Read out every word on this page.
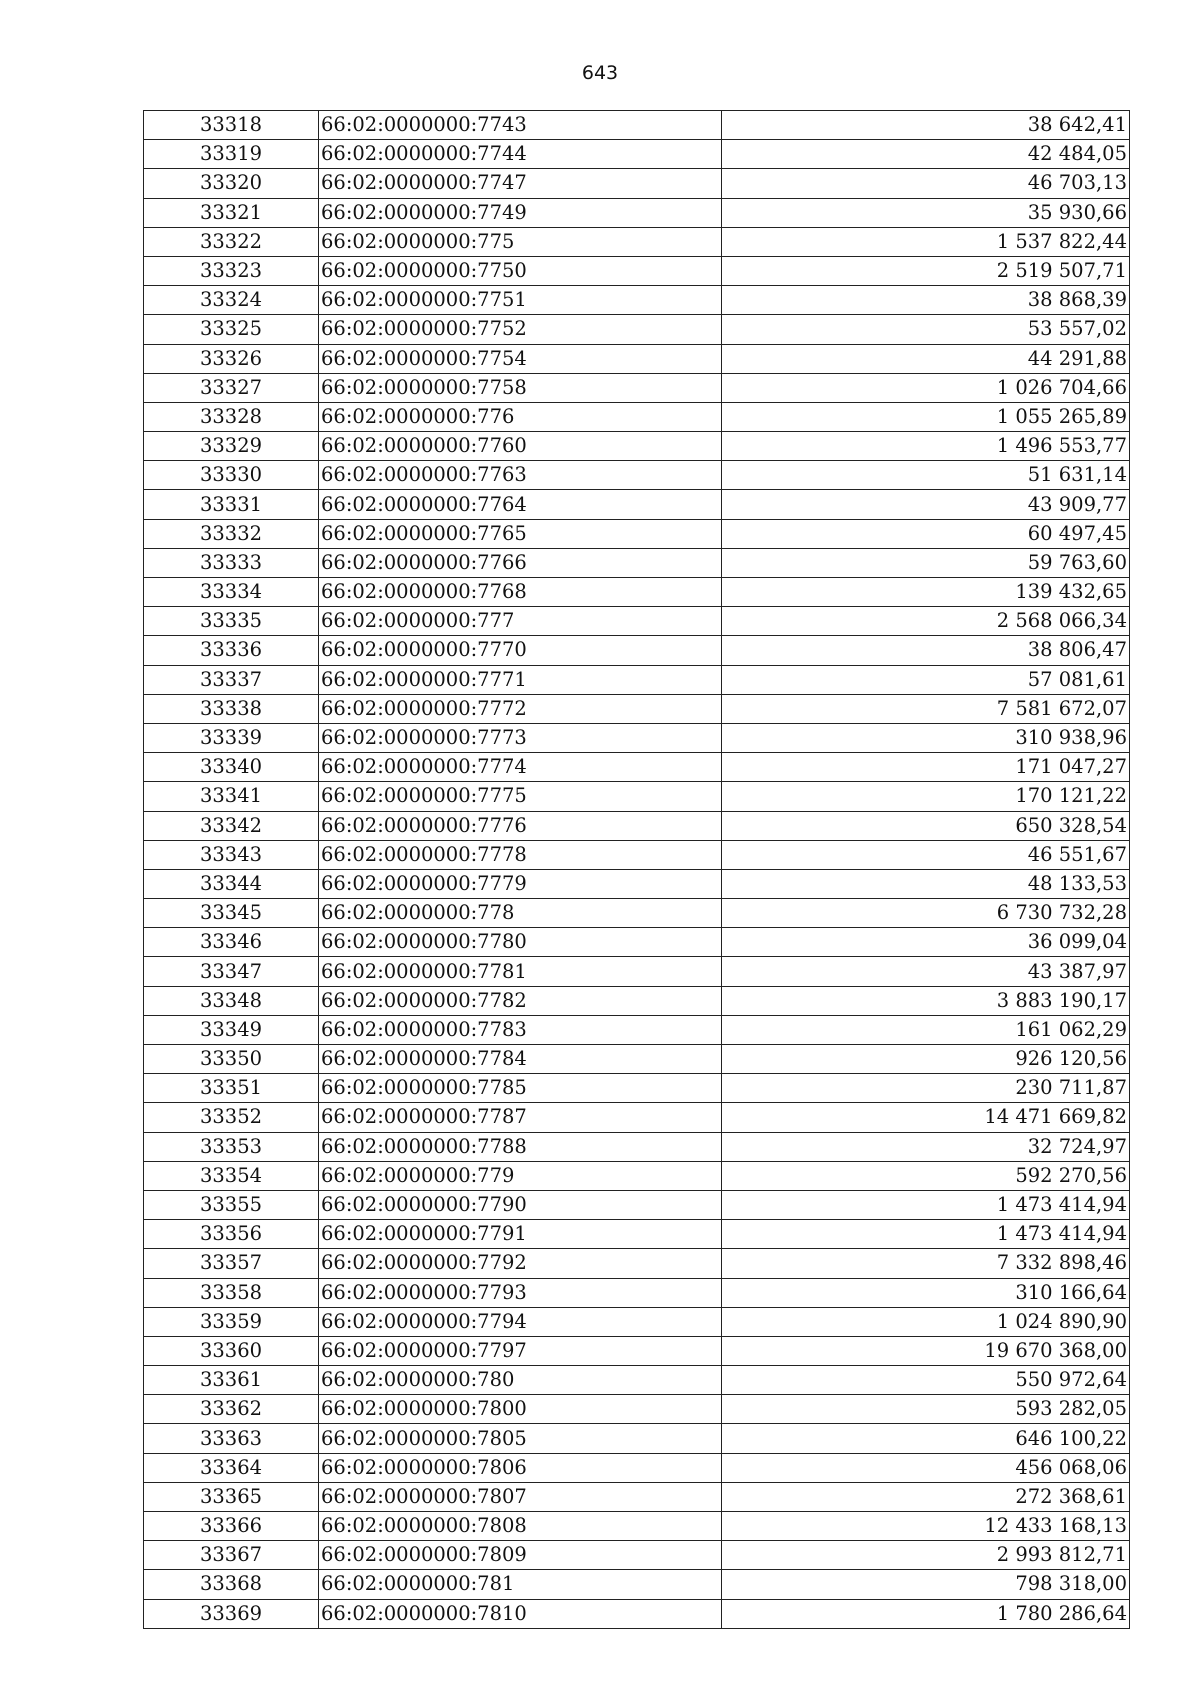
643
33318	66:02:0000000:7743	38 642,41
33319	66:02:0000000:7744	42 484,05
33320	66:02:0000000:7747	46 703,13
33321	66:02:0000000:7749	35 930,66
33322	66:02:0000000:775	1 537 822,44
33323	66:02:0000000:7750	2 519 507,71
33324	66:02:0000000:7751	38 868,39
33325	66:02:0000000:7752	53 557,02
33326	66:02:0000000:7754	44 291,88
33327	66:02:0000000:7758	1 026 704,66
33328	66:02:0000000:776	1 055 265,89
33329	66:02:0000000:7760	1 496 553,77
33330	66:02:0000000:7763	51 631,14
33331	66:02:0000000:7764	43 909,77
33332	66:02:0000000:7765	60 497,45
33333	66:02:0000000:7766	59 763,60
33334	66:02:0000000:7768	139 432,65
33335	66:02:0000000:777	2 568 066,34
33336	66:02:0000000:7770	38 806,47
33337	66:02:0000000:7771	57 081,61
33338	66:02:0000000:7772	7 581 672,07
33339	66:02:0000000:7773	310 938,96
33340	66:02:0000000:7774	171 047,27
33341	66:02:0000000:7775	170 121,22
33342	66:02:0000000:7776	650 328,54
33343	66:02:0000000:7778	46 551,67
33344	66:02:0000000:7779	48 133,53
33345	66:02:0000000:778	6 730 732,28
33346	66:02:0000000:7780	36 099,04
33347	66:02:0000000:7781	43 387,97
33348	66:02:0000000:7782	3 883 190,17
33349	66:02:0000000:7783	161 062,29
33350	66:02:0000000:7784	926 120,56
33351	66:02:0000000:7785	230 711,87
33352	66:02:0000000:7787	14 471 669,82
33353	66:02:0000000:7788	32 724,97
33354	66:02:0000000:779	592 270,56
33355	66:02:0000000:7790	1 473 414,94
33356	66:02:0000000:7791	1 473 414,94
33357	66:02:0000000:7792	7 332 898,46
33358	66:02:0000000:7793	310 166,64
33359	66:02:0000000:7794	1 024 890,90
33360	66:02:0000000:7797	19 670 368,00
33361	66:02:0000000:780	550 972,64
33362	66:02:0000000:7800	593 282,05
33363	66:02:0000000:7805	646 100,22
33364	66:02:0000000:7806	456 068,06
33365	66:02:0000000:7807	272 368,61
33366	66:02:0000000:7808	12 433 168,13
33367	66:02:0000000:7809	2 993 812,71
33368	66:02:0000000:781	798 318,00
33369	66:02:0000000:7810	1 780 286,64
